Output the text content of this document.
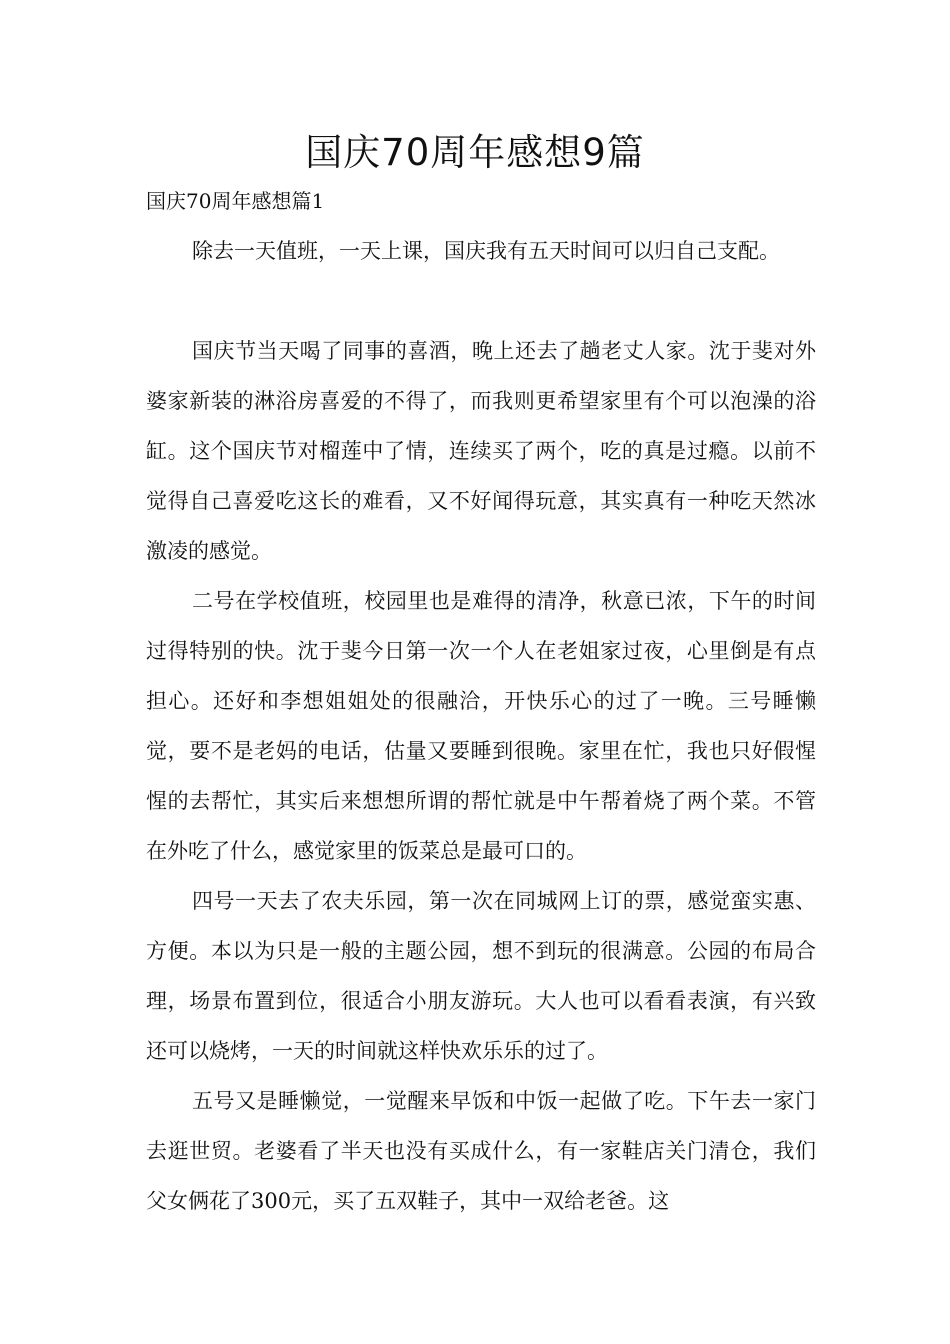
国庆70周年感想9篇

国庆70周年感想篇1

除去一天值班，一天上课，国庆我有五天时间可以归自己支配。

国庆节当天喝了同事的喜酒，晚上还去了趟老丈人家。沈于斐对外婆家新装的淋浴房喜爱的不得了，而我则更希望家里有个可以泡澡的浴缸。这个国庆节对榴莲中了情，连续买了两个，吃的真是过瘾。以前不觉得自己喜爱吃这长的难看，又不好闻得玩意，其实真有一种吃天然冰激凌的感觉。

二号在学校值班，校园里也是难得的清净，秋意已浓，下午的时间过得特别的快。沈于斐今日第一次一个人在老姐家过夜，心里倒是有点担心。还好和李想姐姐处的很融洽，开快乐心的过了一晚。三号睡懒觉，要不是老妈的电话，估量又要睡到很晚。家里在忙，我也只好假惺惺的去帮忙，其实后来想想所谓的帮忙就是中午帮着烧了两个菜。不管在外吃了什么，感觉家里的饭菜总是最可口的。

四号一天去了农夫乐园，第一次在同城网上订的票，感觉蛮实惠、方便。本以为只是一般的主题公园，想不到玩的很满意。公园的布局合理，场景布置到位，很适合小朋友游玩。大人也可以看看表演，有兴致还可以烧烤，一天的时间就这样快欢乐乐的过了。

五号又是睡懒觉，一觉醒来早饭和中饭一起做了吃。下午去一家门去逛世贸。老婆看了半天也没有买成什么，有一家鞋店关门清仓，我们父女俩花了300元，买了五双鞋子，其中一双给老爸。这
